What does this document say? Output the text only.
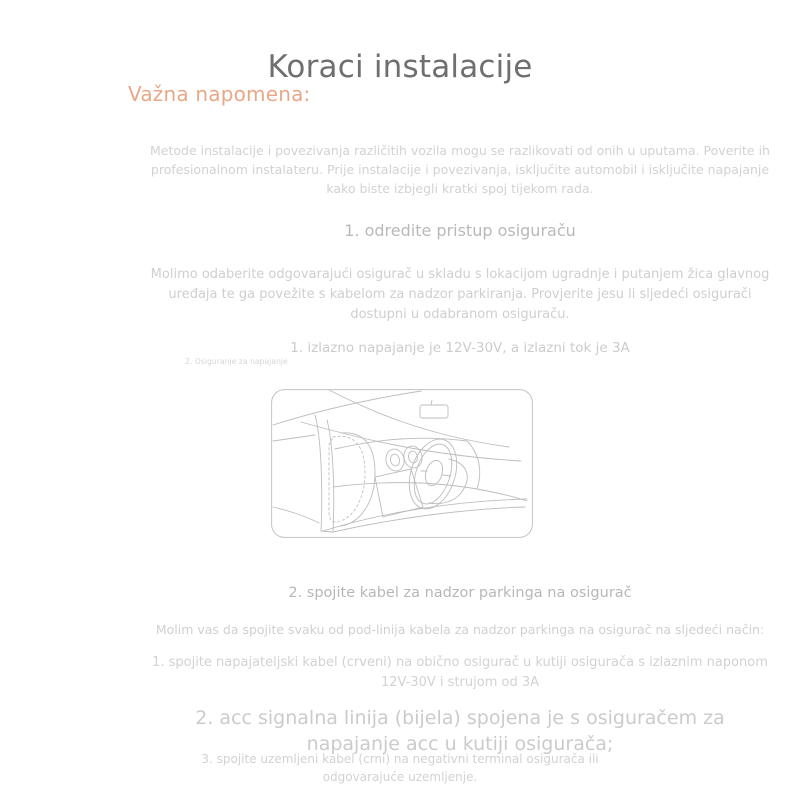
Koraci instalacije
Važna napomena:

Metode instalacije i povezivanja različitih vozila mogu se razlikovati od onih u uputama. Poverite ih profesionalnom instalateru. Prije instalacije i povezivanja, isključite automobil i isključite napajanje kako biste izbjegli kratki spoj tijekom rada.

1. odredite pristup osiguraču

Molimo odaberite odgovarajući osigurač u skladu s lokacijom ugradnje i putanjem žica glavnog uređaja te ga povežite s kabelom za nadzor parkiranja. Provjerite jesu li sljedeći osigurači dostupni u odabranom osiguraču.

1. izlazno napajanje je 12V-30V, a izlazni tok je 3A

2. Osiguranje za napajanje

2. spojite kabel za nadzor parkinga na osigurač

Molim vas da spojite svaku od pod-linija kabela za nadzor parkinga na osigurač na sljedeći način:

1. spojite napajateljski kabel (crveni) na obično osigurač u kutiji osigurača s izlaznim naponom 12V-30V i strujom od 3A

2. acc signalna linija (bijela) spojena je s osiguračem za napajanje acc u kutiji osigurača;

3. spojite uzemljeni kabel (crni) na negativni terminal osigurača ili odgovarajuće uzemljenje.
